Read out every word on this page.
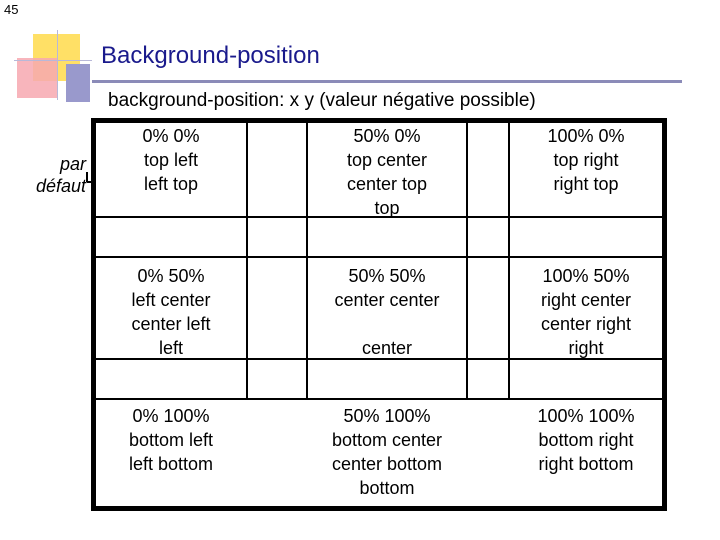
45
Background-position
background-position: x y (valeur négative possible)
par
défaut
0% 0%
top left
left top
50% 0%
top center
center top
top
100% 0%
top right
right top
0% 50%
left center
center left
left
50% 50%
center center

center
100% 50%
right center
center right
right
0% 100%
bottom left
left bottom
50% 100%
bottom center
center bottom
bottom
100% 100%
bottom right
right bottom
